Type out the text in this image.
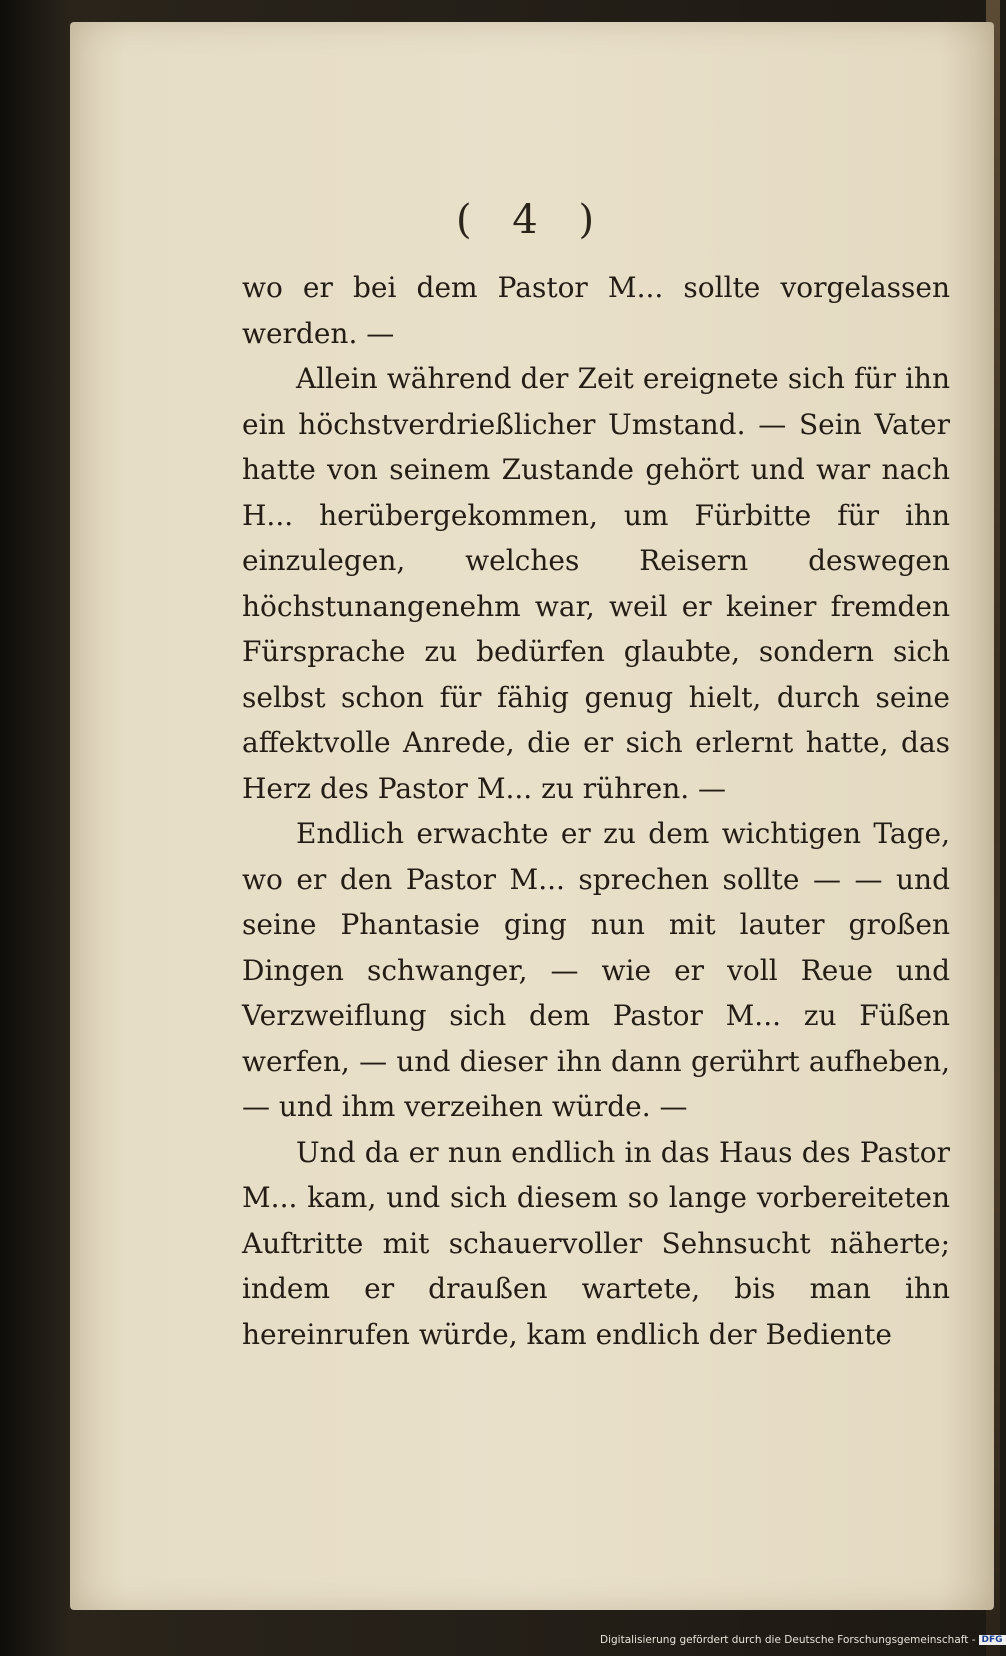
( 4 )

wo er bei dem Pastor M... sollte vorgelassen werden. —

Allein während der Zeit ereignete sich für ihn ein höchstverdrießlicher Umstand. — Sein Vater hatte von seinem Zustande gehört und war nach H... herübergekommen, um Fürbitte für ihn einzulegen, welches Reisern deswegen höchstunangenehm war, weil er keiner fremden Fürsprache zu bedürfen glaubte, sondern sich selbst schon für fähig genug hielt, durch seine affektvolle Anrede, die er sich erlernt hatte, das Herz des Pastor M... zu rühren. —

Endlich erwachte er zu dem wichtigen Tage, wo er den Pastor M... sprechen sollte — — und seine Phantasie ging nun mit lauter großen Dingen schwanger, — wie er voll Reue und Verzweiflung sich dem Pastor M... zu Füßen werfen, — und dieser ihn dann gerührt aufheben, — und ihm verzeihen würde. —

Und da er nun endlich in das Haus des Pastor M... kam, und sich diesem so lange vorbereiteten Auftritte mit schauervoller Sehnsucht näherte; indem er draußen wartete, bis man ihn hereinrufen würde, kam endlich der Bediente

Digitalisierung gefördert durch die Deutsche Forschungsgemeinschaft - DFG
